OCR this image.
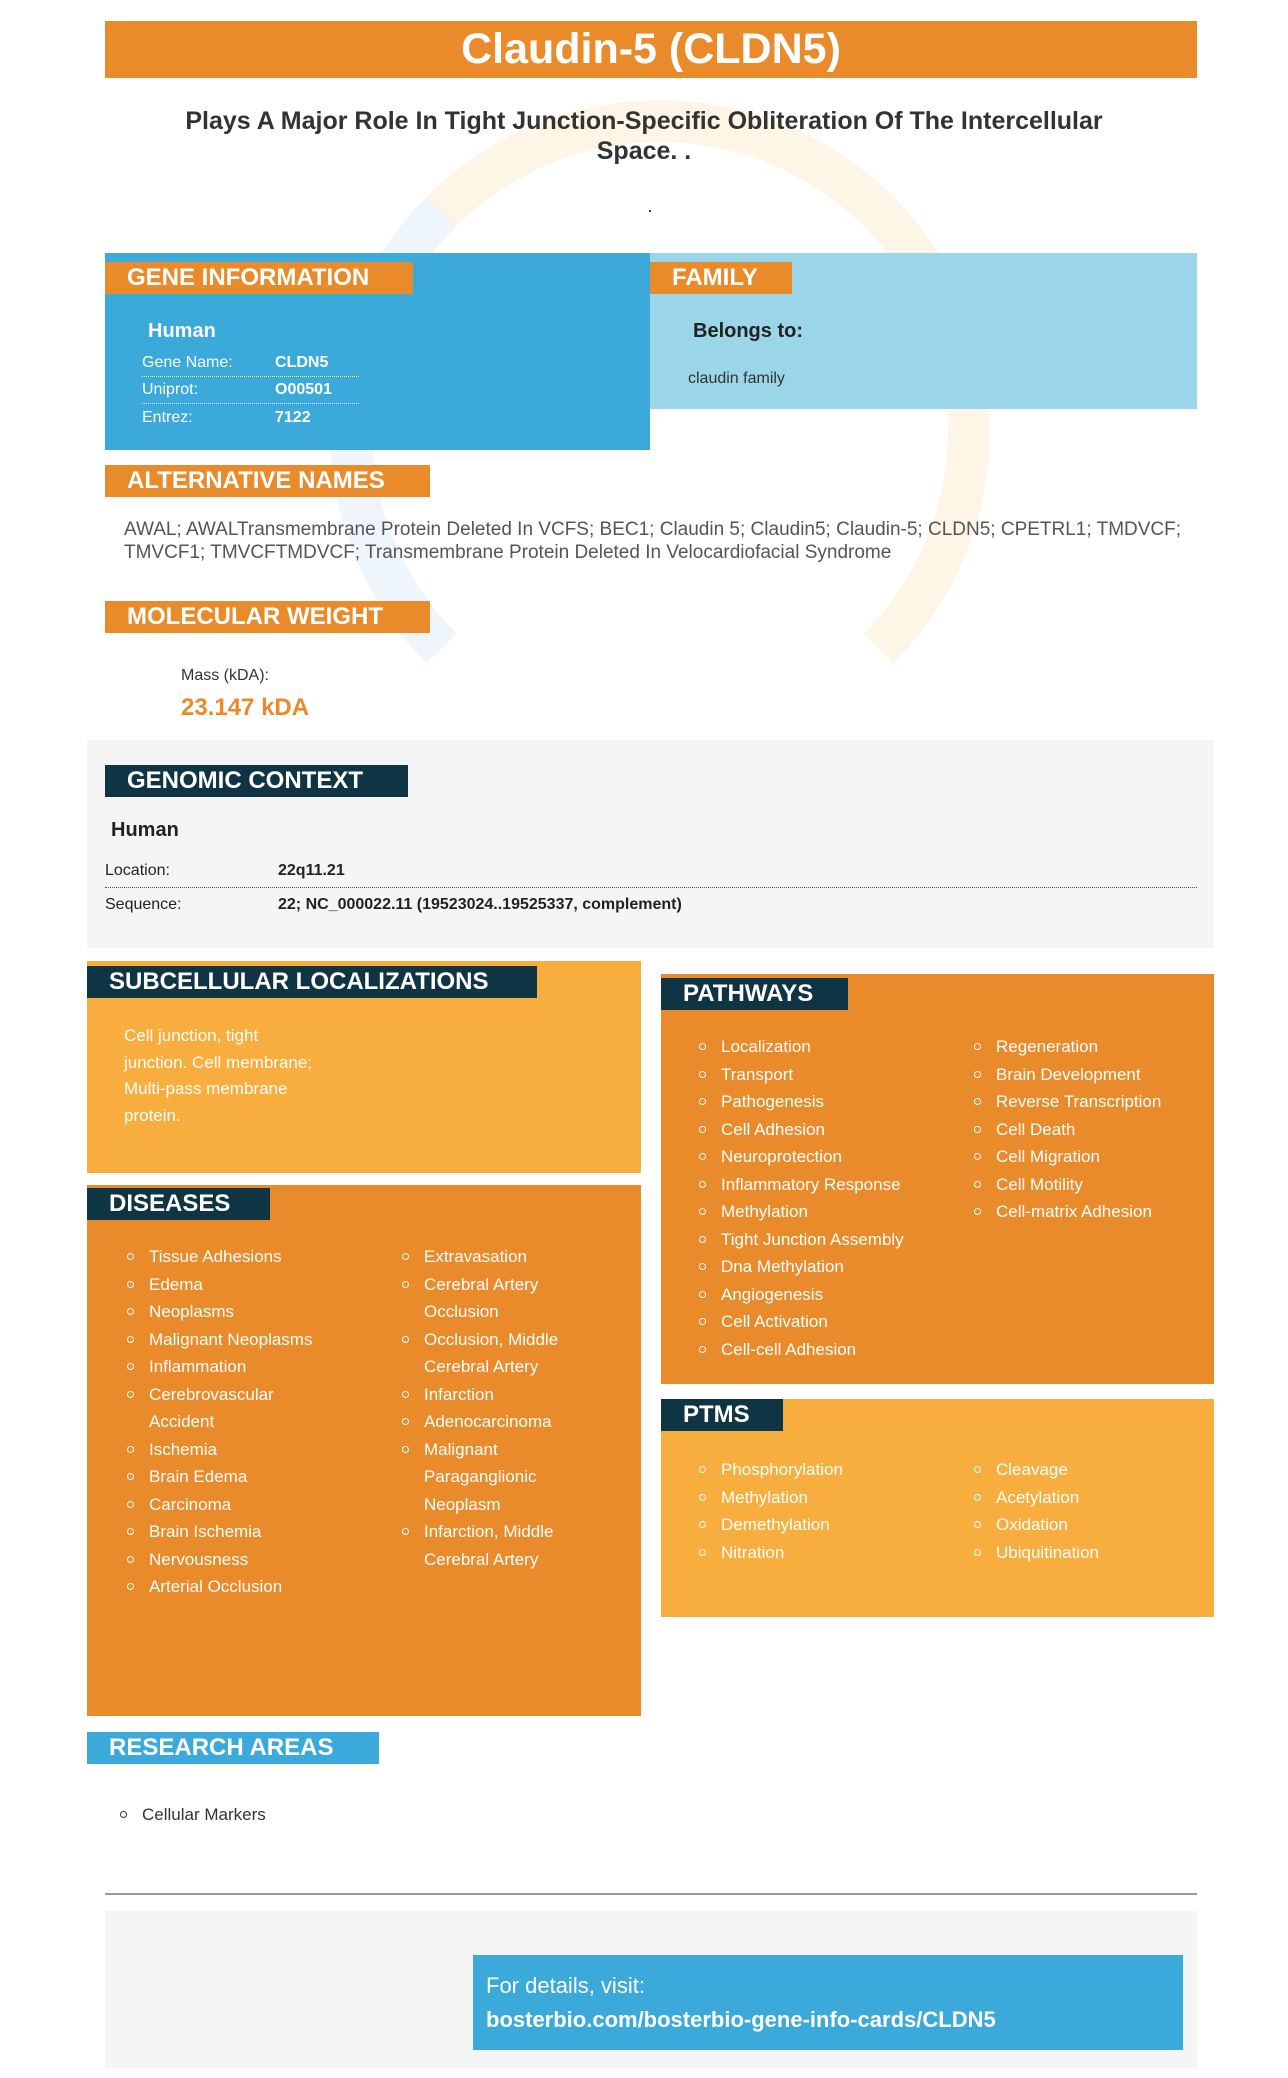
Claudin-5 (CLDN5)
Plays A Major Role In Tight Junction-Specific Obliteration Of The Intercellular Space. .
GENE INFORMATION
Human
Gene Name:	CLDN5
Uniprot:	O00501
Entrez:	7122
FAMILY
Belongs to:
claudin family
ALTERNATIVE NAMES
AWAL; AWALTransmembrane Protein Deleted In VCFS; BEC1; Claudin 5; Claudin5; Claudin-5; CLDN5; CPETRL1; TMDVCF; TMVCF1; TMVCFTMDVCF; Transmembrane Protein Deleted In Velocardiofacial Syndrome
MOLECULAR WEIGHT
Mass (kDA):
23.147 kDA
GENOMIC CONTEXT
Human
Location:	22q11.21
Sequence:	22; NC_000022.11 (19523024..19525337, complement)
SUBCELLULAR LOCALIZATIONS
Cell junction, tight
junction. Cell membrane;
Multi-pass membrane
protein.
DISEASES
Tissue Adhesions
Edema
Neoplasms
Malignant Neoplasms
Inflammation
Cerebrovascular Accident
Ischemia
Brain Edema
Carcinoma
Brain Ischemia
Nervousness
Arterial Occlusion
Extravasation
Cerebral Artery Occlusion
Occlusion, Middle Cerebral Artery
Infarction
Adenocarcinoma
Malignant Paraganglionic Neoplasm
Infarction, Middle Cerebral Artery
PATHWAYS
Localization
Transport
Pathogenesis
Cell Adhesion
Neuroprotection
Inflammatory Response
Methylation
Tight Junction Assembly
Dna Methylation
Angiogenesis
Cell Activation
Cell-cell Adhesion
Regeneration
Brain Development
Reverse Transcription
Cell Death
Cell Migration
Cell Motility
Cell-matrix Adhesion
PTMS
Phosphorylation
Methylation
Demethylation
Nitration
Cleavage
Acetylation
Oxidation
Ubiquitination
RESEARCH AREAS
Cellular Markers
For details, visit:
bosterbio.com/bosterbio-gene-info-cards/CLDN5
